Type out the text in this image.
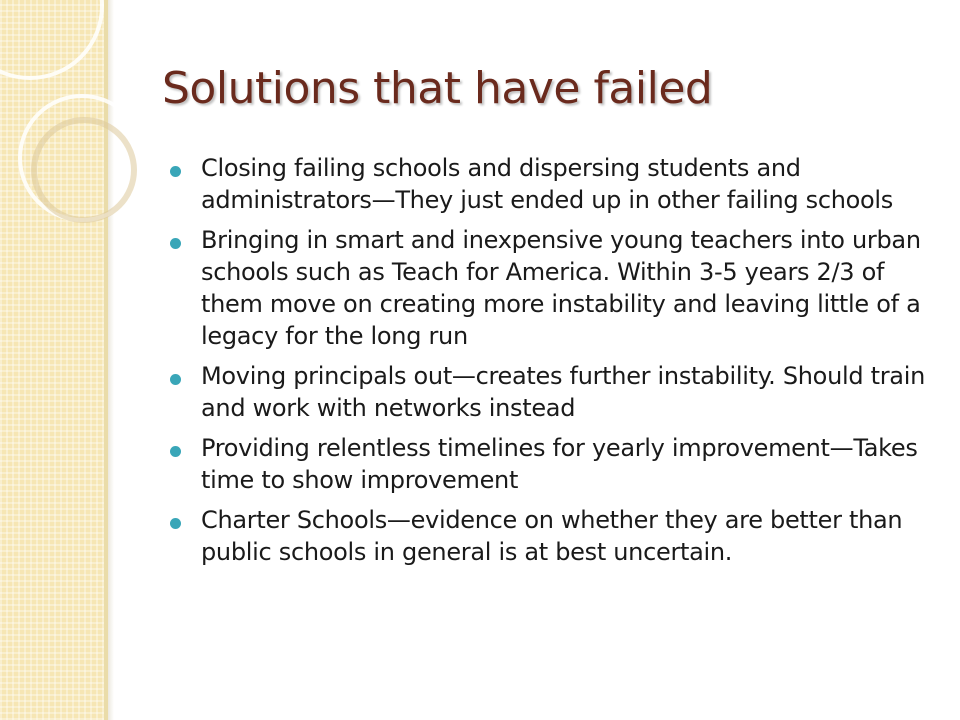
Solutions that have failed
Closing failing schools and dispersing students and administrators—They just ended up in other failing schools
Bringing in smart and inexpensive young teachers into urban schools such as Teach for America. Within 3-5 years 2/3 of them move on creating more instability and leaving little of a legacy for the long run
Moving principals out—creates further instability. Should train and work with networks instead
Providing relentless timelines for yearly improvement—Takes time to show improvement
Charter Schools—evidence on whether they are better than public schools in general is at best uncertain.
